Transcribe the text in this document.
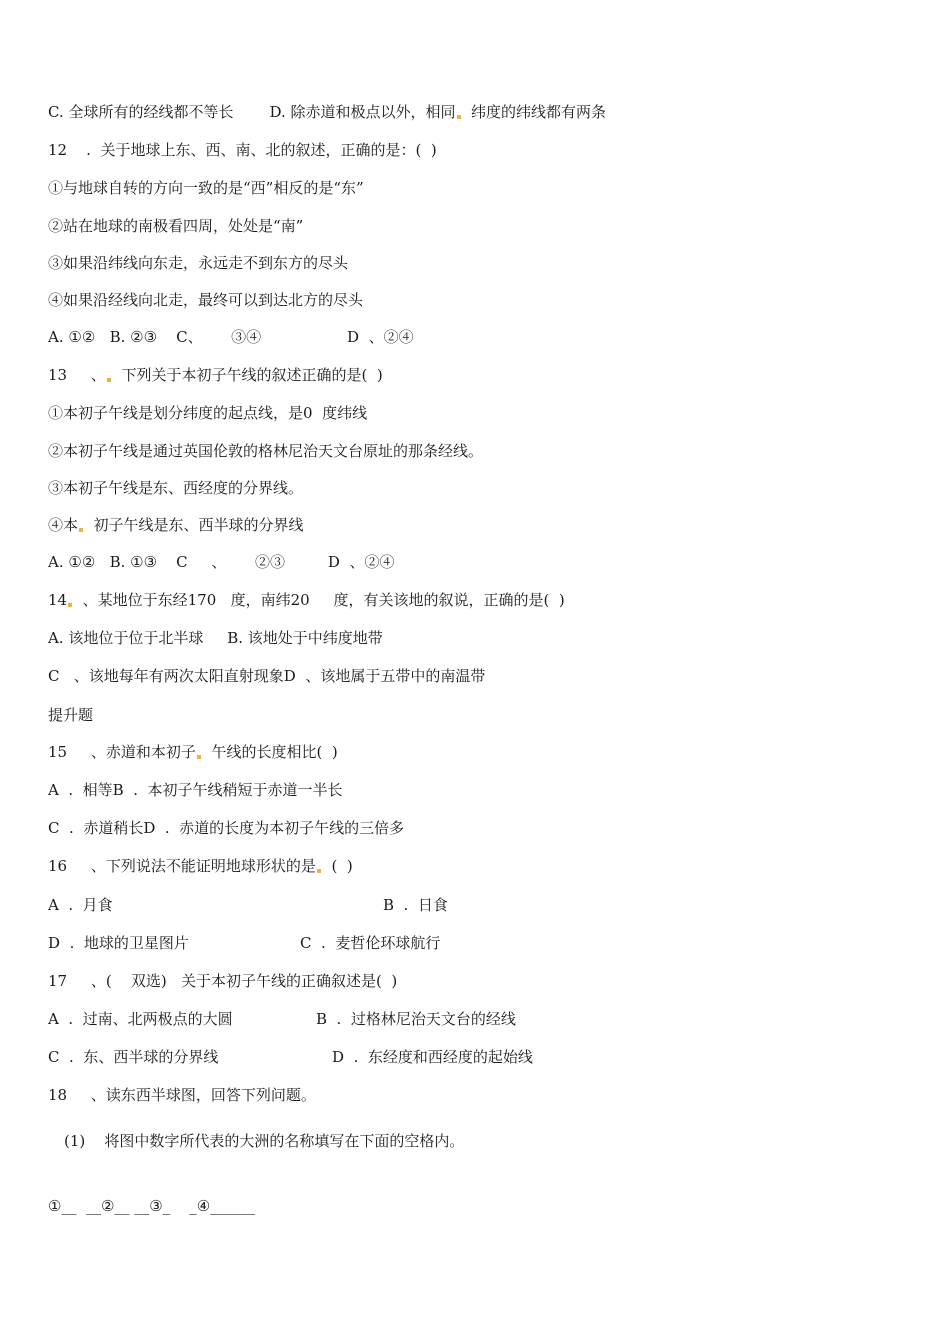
C. 全球所有的经线都不等长 D. 除赤道和极点以外，相同  纬度的纬线都有两条
12    .  关于地球上东、西、南、北的叙述，正确的是：(  )
①与地球自转的方向一致的是“西”相反的是“东”
②站在地球的南极看四周，处处是“南”
③如果沿纬线向东走，永远走不到东方的尽头
④如果沿经线向北走，最终可以到达北方的尽头
A. ①②   B. ②③    C、      ③④                  D  、②④
13     、  下列关于本初子午线的叙述正确的是(  )
①本初子午线是划分纬度的起点线，是0  度纬线
②本初子午线是通过英国伦敦的格林尼治天文台原址的那条经线。
③本初子午线是东、西经度的分界线。
④本  初子午线是东、西半球的分界线
A. ①②   B. ①③    C     、      ②③         D  、②④
14  、某地位于东经170   度，南纬20     度，有关该地的叙说，正确的是(  )
A. 该地位于位于北半球     B. 该地处于中纬度地带
C   、该地每年有两次太阳直射现象D  、该地属于五带中的南温带
提升题
15     、赤道和本初子  午线的长度相比(  )
A  .  相等B  .  本初子午线稍短于赤道一半长
C  .  赤道稍长D  .  赤道的长度为本初子午线的三倍多
16     、下列说法不能证明地球形状的是  (  )
A  .  月食	B  .  日食
D  .  地球的卫星图片	C  .  麦哲伦环球航行
17     、(    双选)   关于本初子午线的正确叙述是(  )
A  .  过南、北两极点的大圆	B  .  过格林尼治天文台的经线
C  .  东、西半球的分界线	D  .  东经度和西经度的起始线
18     、读东西半球图，回答下列问题。
(1)    将图中数字所代表的大洲的名称填写在下面的空格内。
①__  __②__ __③_    _④______
